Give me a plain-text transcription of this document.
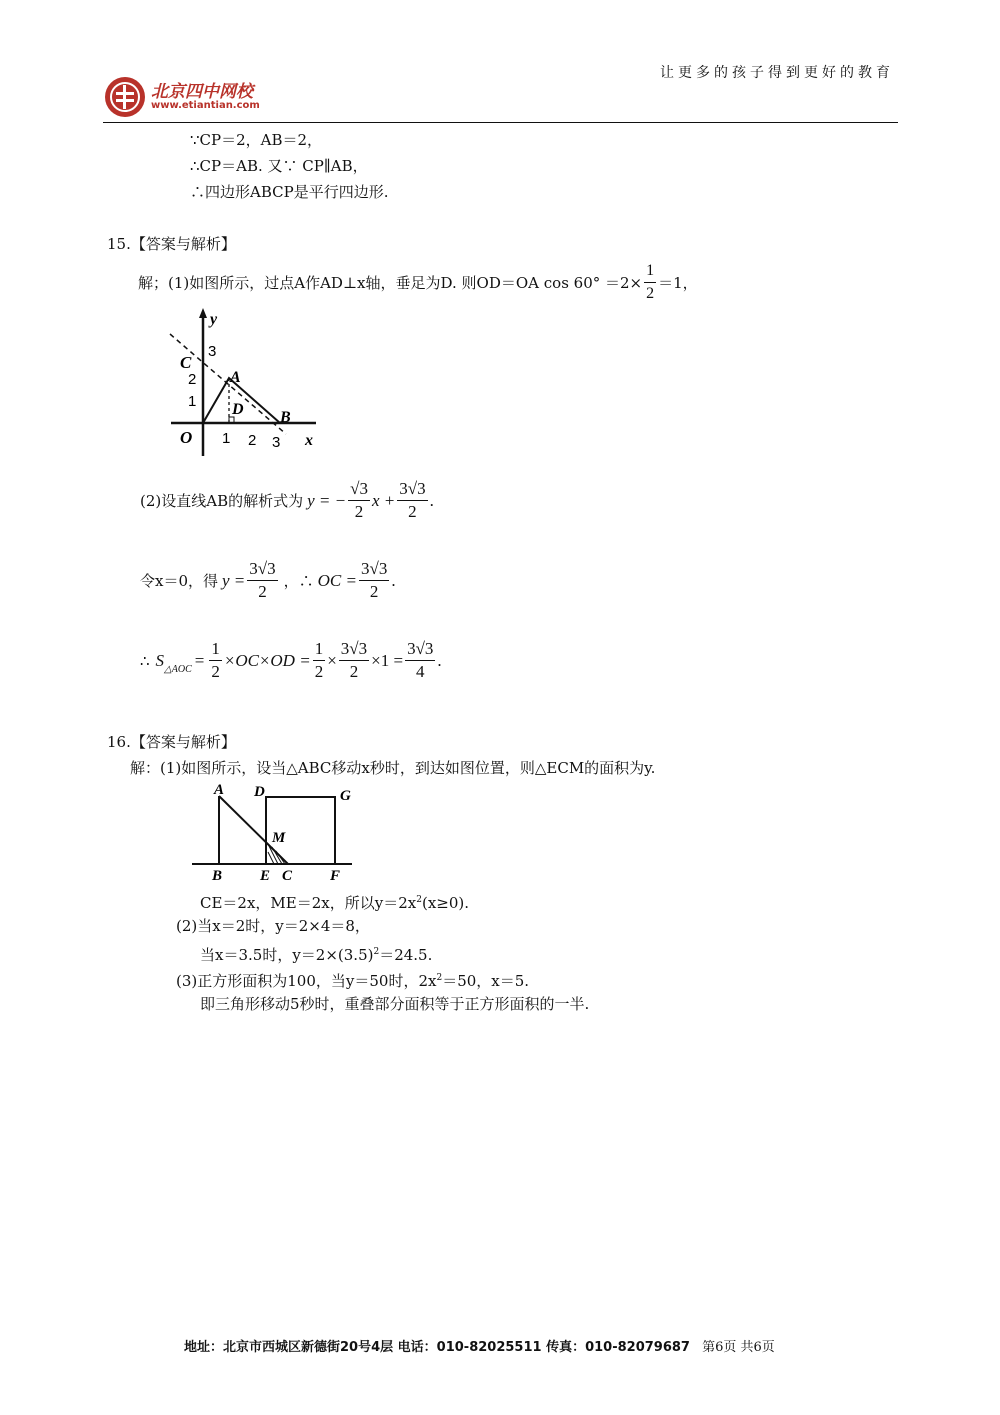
北京四中网校
www.etiantian.com
让更多的孩子得到更好的教育
∵CP＝2，AB＝2，
∴CP＝AB. 又∵ CP∥AB，
∴四边形ABCP是平行四边形.
15.【答案与解析】
解；(1)如图所示，过点A作AD⊥x轴，垂足为D. 则OD＝OA $\cos 60^\circ =2\times \frac{1}{2} =1$，
y
3
C
2 A
1 D B
O 1 2 3 x
(2)设直线AB的解析式为 y = − $\frac{√3}{2}$ $x + \frac{3√3}{2}$ .
令x＝0，得 $y = \frac{3√3}{2}$ ，∴ OC = $\frac{3√3}{2}$ .
∴ S △AOC = $\frac{1}{2} \times OC\times OD = \frac{1}{2} \times \frac{3√3}{2} \times 1 = \frac{3√3}{4}$ .
16.【答案与解析】
解：(1)如图所示，设当△ABC移动x秒时，到达如图位置，则△ECM的面积为y.
A D	G
M
B	E C	F
CE＝2x，ME＝2x，所以$y=2x^2(x\ge 0)$.
(2)当x＝2时，y＝2×4＝8，
当x＝3.5时，$y=2\times(3.5)^2=24.5$.
(3)正方形面积为100，当y＝50时，$2x^2=50$，x＝5.
即三角形移动5秒时，重叠部分面积等于正方形面积的一半.
地址：北京市西城区新德街20号4层 电话：010-82025511 传真：010-82079687 第6页 共6页
